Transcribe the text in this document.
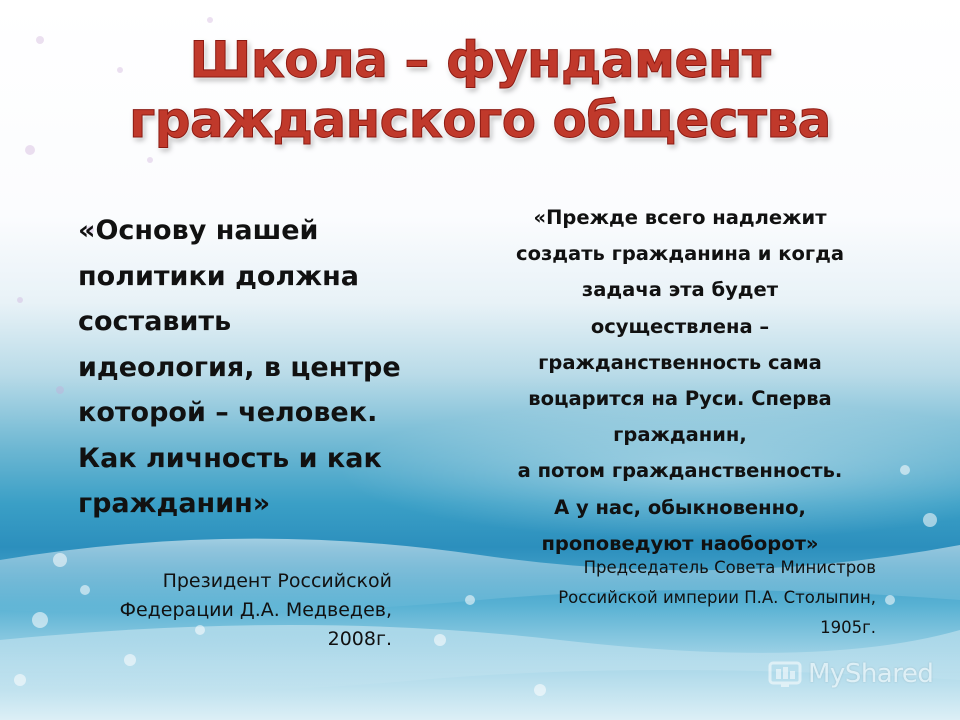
Школа – фундамент гражданского общества

«Основу нашей политики должна составить идеология, в центре которой – человек. Как личность и как гражданин»

Президент Российской
Федерации Д.А. Медведев,
2008г.

«Прежде всего надлежит
создать гражданина и когда
задача эта будет
осуществлена –
гражданственность сама
воцарится на Руси. Сперва
гражданин,
а потом гражданственность.
А у нас, обыкновенно,
проповедуют наоборот»

Председатель Совета Министров
Российской империи П.А. Столыпин,
1905г.

MyShared
